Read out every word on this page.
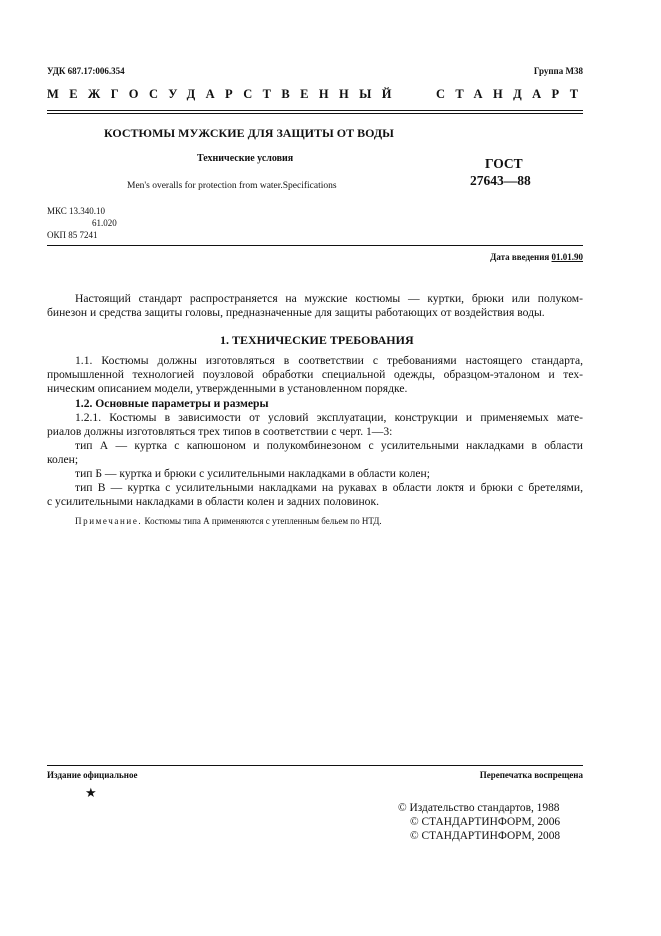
УДК 687.17:006.354	Группа М38
МЕЖГОСУДАРСТВЕННЫЙ	СТАНДАРТ
КОСТЮМЫ МУЖСКИЕ ДЛЯ ЗАЩИТЫ ОТ ВОДЫ
Технические условия
Men's overalls for protection from water.Specifications
ГОСТ
27643—88
МКС 13.340.10
61.020
ОКП 85 7241
Дата введения 01.01.90
Настоящий стандарт распространяется на мужские костюмы — куртки, брюки или полуком-
бинезон и средства защиты головы, предназначенные для защиты работающих от воздействия воды.
1. ТЕХНИЧЕСКИЕ ТРЕБОВАНИЯ
1.1. Костюмы должны изготовляться в соответствии с требованиями настоящего стандарта,
промышленной технологией поузловой обработки специальной одежды, образцом-эталоном и тех-
ническим описанием модели, утвержденными в установленном порядке.
1.2. Основные параметры и размеры
1.2.1. Костюмы в зависимости от условий эксплуатации, конструкции и применяемых мате-
риалов должны изготовляться трех типов в соответствии с черт. 1—3:
тип А — куртка с капюшоном и полукомбинезоном с усилительными накладками в области
колен;
тип Б — куртка и брюки с усилительными накладками в области колен;
тип В — куртка с усилительными накладками на рукавах в области локтя и брюки с бретелями,
с усилительными накладками в области колен и задних половинок.
Примечание. Костюмы типа А применяются с утепленным бельем по НТД.
Издание официальное	Перепечатка воспрещена
★
© Издательство стандартов, 1988
© СТАНДАРТИНФОРМ, 2006
© СТАНДАРТИНФОРМ, 2008
